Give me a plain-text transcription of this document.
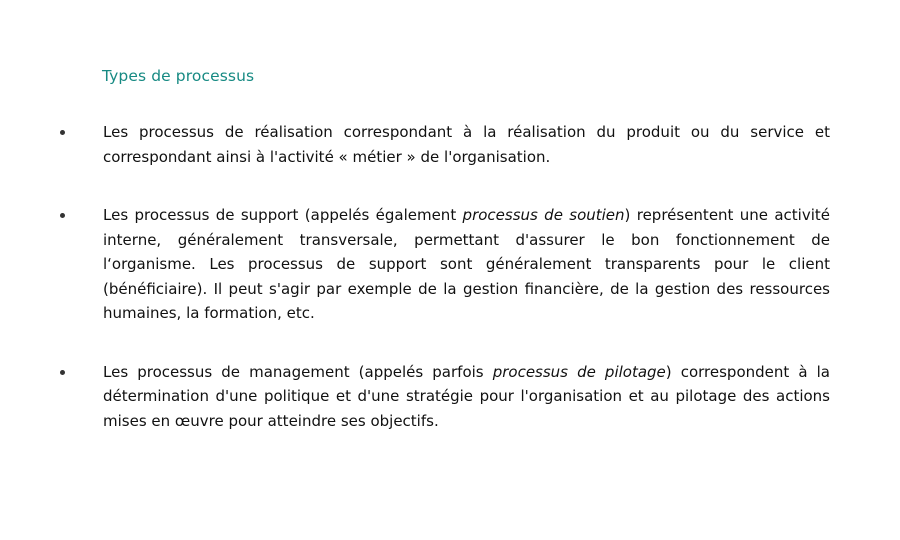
Types de processus
Les processus de réalisation correspondant à la réalisation du produit ou du service et correspondant ainsi à l'activité « métier » de l'organisation.
Les processus de support (appelés également processus de soutien) représentent une activité interne, généralement transversale, permettant d'assurer le bon fonctionnement de l‘organisme. Les processus de support sont généralement transparents pour le client (bénéficiaire). Il peut s'agir par exemple de la gestion financière, de la gestion des ressources humaines, la formation, etc.
Les processus de management (appelés parfois processus de pilotage) correspondent à la détermination d'une politique et d'une stratégie pour l'organisation et au pilotage des actions mises en œuvre pour atteindre ses objectifs.
